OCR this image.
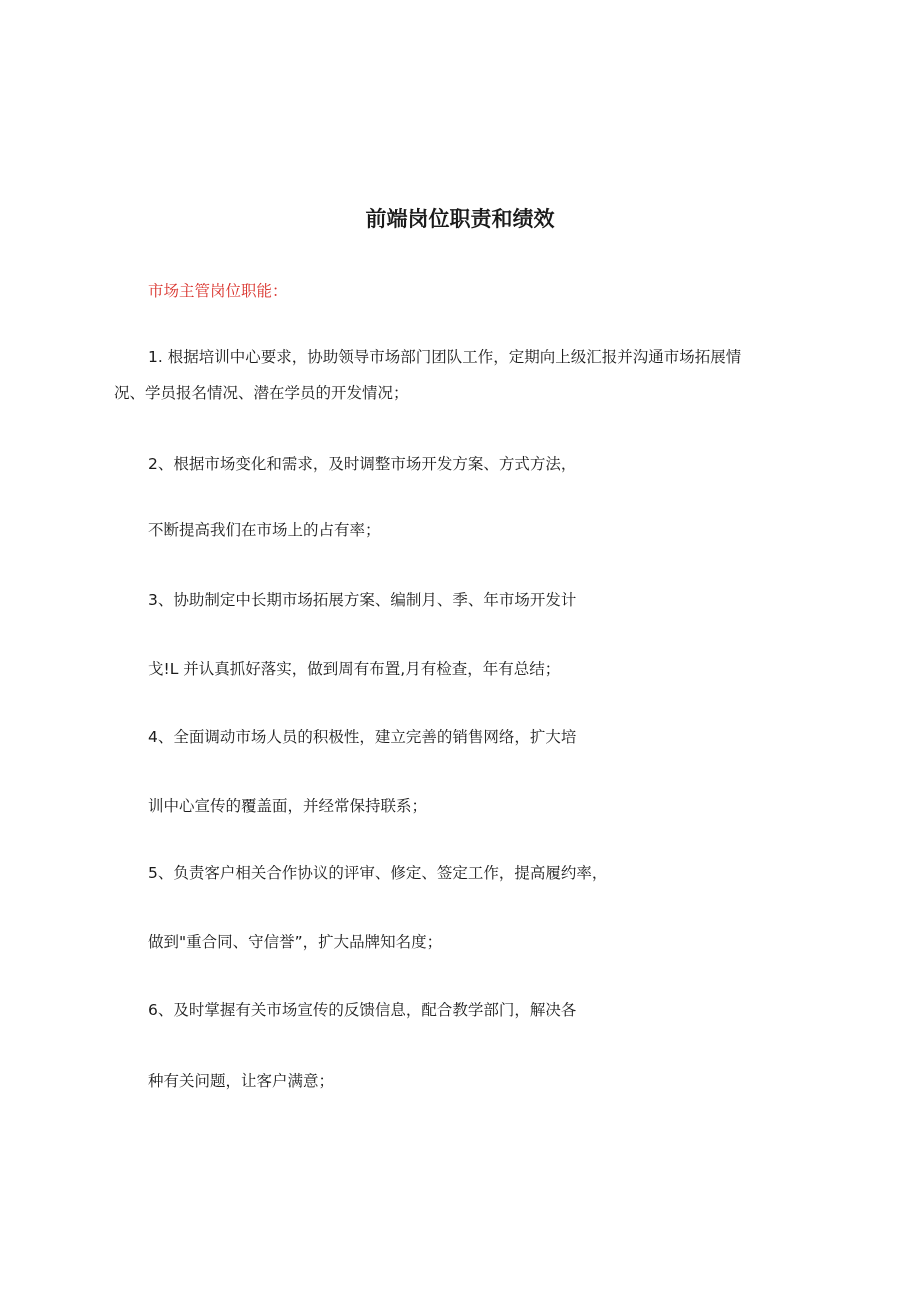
前端岗位职责和绩效

市场主管岗位职能：

1. 根据培训中心要求，协助领导市场部门团队工作，定期向上级汇报并沟通市场拓展情

况、学员报名情况、潜在学员的开发情况；

2、根据市场变化和需求，及时调整市场开发方案、方式方法，

不断提高我们在市场上的占有率；

3、协助制定中长期市场拓展方案、编制月、季、年市场开发计

戈!L 并认真抓好落实，做到周有布置,月有检查，年有总结；

4、全面调动市场人员的积极性，建立完善的销售网络，扩大培

训中心宣传的覆盖面，并经常保持联系；

5、负责客户相关合作协议的评审、修定、签定工作，提高履约率，

做到"重合同、守信誉”，扩大品牌知名度；

6、及时掌握有关市场宣传的反馈信息，配合教学部门，解决各

种有关问题，让客户满意；
